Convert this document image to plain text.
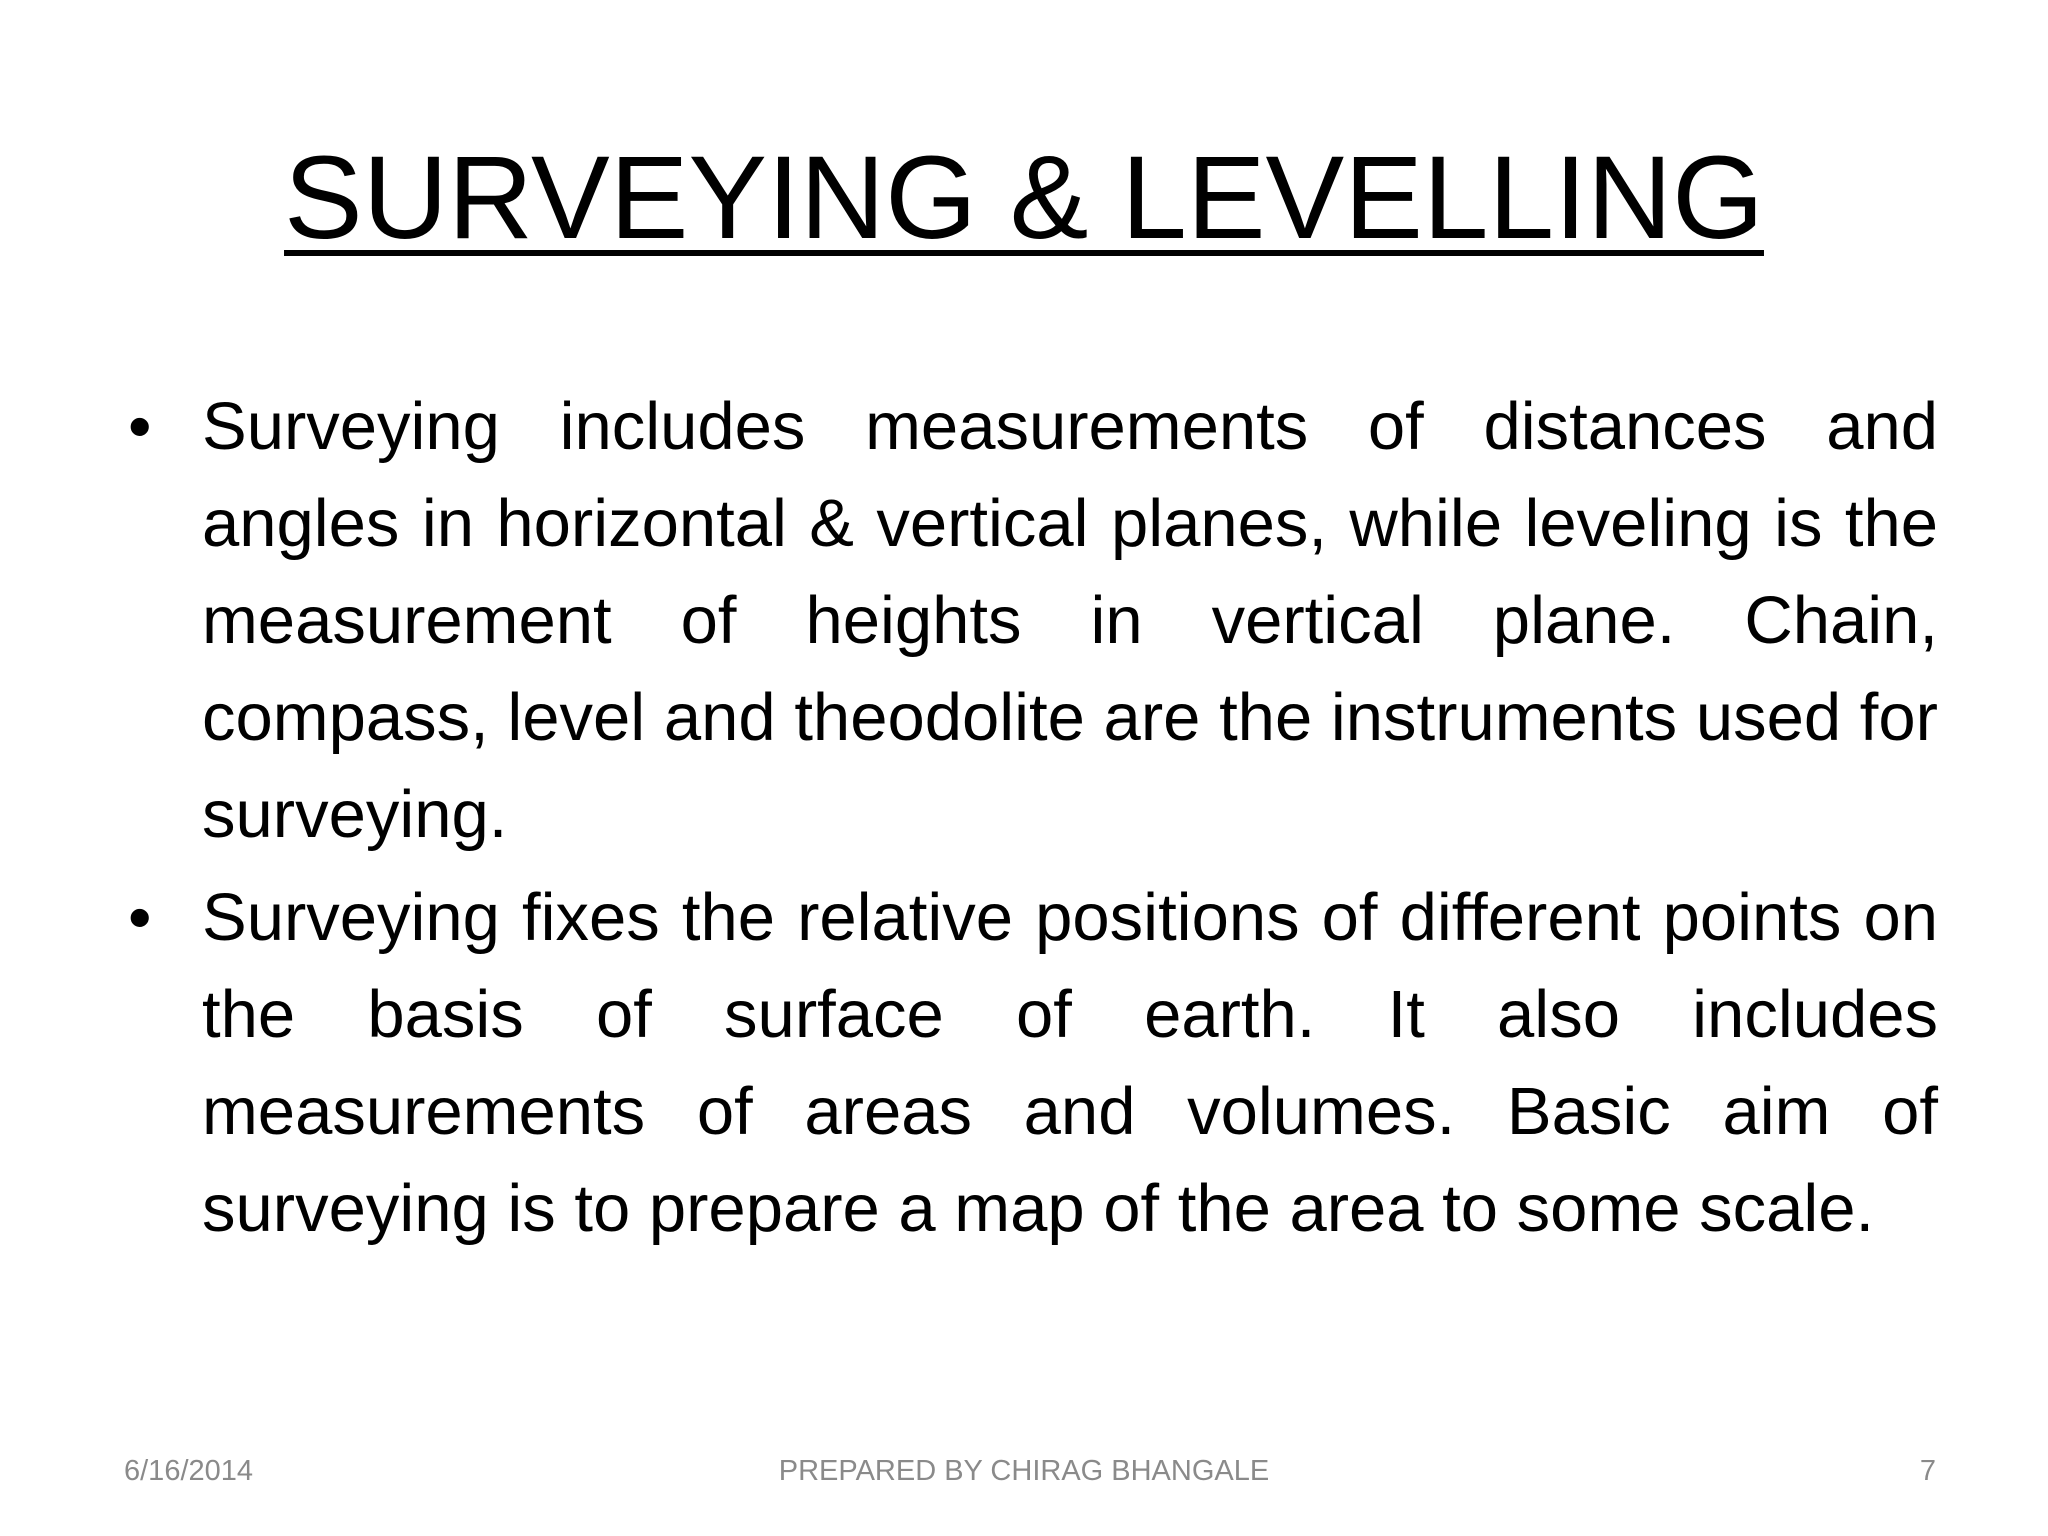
SURVEYING & LEVELLING
• Surveying includes measurements of distances and angles in horizontal & vertical planes, while leveling is the measurement of heights in vertical plane. Chain, compass, level and theodolite are the instruments used for surveying.
• Surveying fixes the relative positions of different points on the basis of surface of earth. It also includes measurements of areas and volumes. Basic aim of surveying is to prepare a map of the area to some scale.
6/16/2014	PREPARED BY CHIRAG BHANGALE	7
